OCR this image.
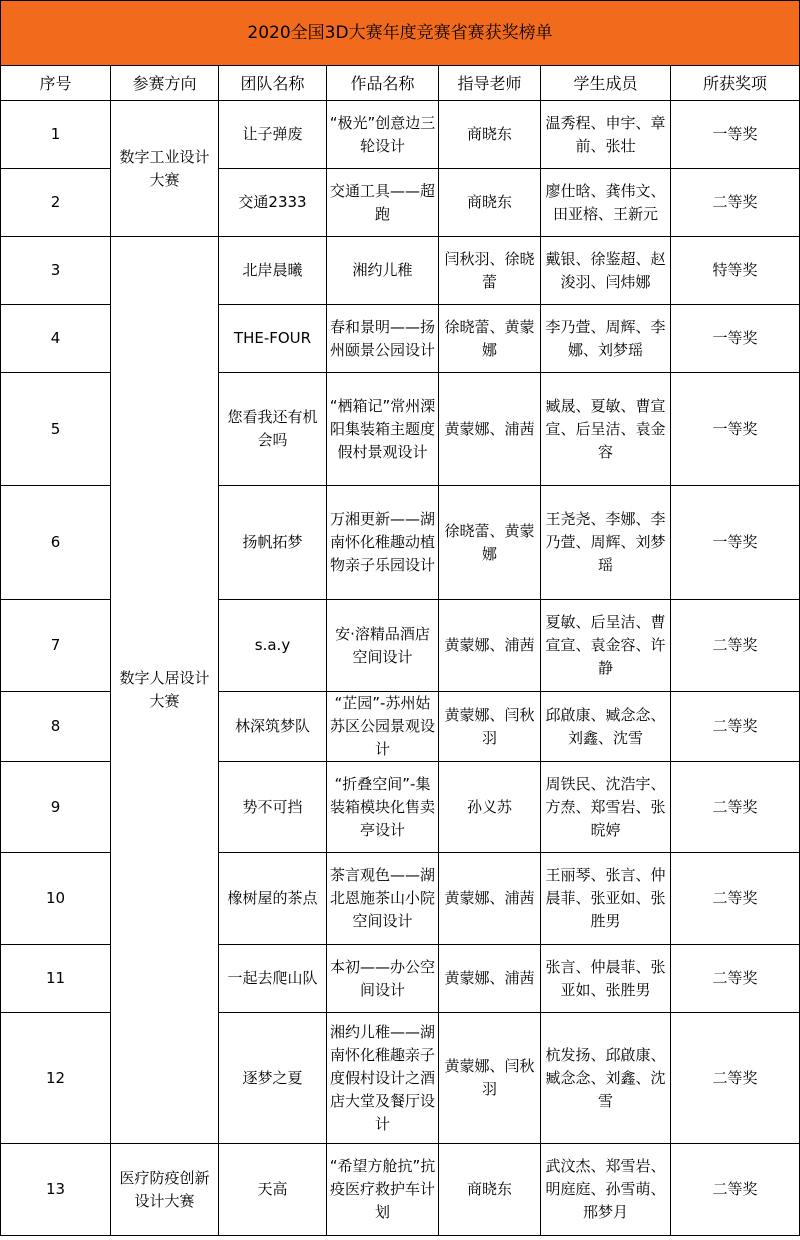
2020全国3D大赛年度竞赛省赛获奖榜单						
序号	参赛方向	团队名称	作品名称	指导老师	学生成员	所获奖项
1	数字工业设计大赛	让子弹废	“极光”创意边三轮设计	商晓东	温秀程、申宇、章前、张壮	一等奖
2		交通2333	交通工具——超跑	商晓东	廖仕晗、龚伟文、田亚榕、王新元	二等奖
3	数字人居设计大赛	北岸晨曦	湘约儿稚	闫秋羽、徐晓蕾	戴银、徐鉴超、赵浚羽、闫炜娜	特等奖
4		THE-FOUR	春和景明——扬州颐景公园设计	徐晓蕾、黄蒙娜	李乃萱、周辉、李娜、刘梦瑶	一等奖
5		您看我还有机会吗	“栖箱记”常州溧阳集装箱主题度假村景观设计	黄蒙娜、浦茜	臧晟、夏敏、曹宣宣、后呈洁、袁金容	一等奖
6		扬帆拓梦	万湘更新——湖南怀化稚趣动植物亲子乐园设计	徐晓蕾、黄蒙娜	王尧尧、李娜、李乃萱、周辉、刘梦瑶	一等奖
7		s.a.y	安·溶精品酒店空间设计	黄蒙娜、浦茜	夏敏、后呈洁、曹宣宣、袁金容、许静	二等奖
8		林深筑梦队	“芷园”-苏州姑苏区公园景观设计	黄蒙娜、闫秋羽	邱啟康、臧念念、刘鑫、沈雪	二等奖
9		势不可挡	“折叠空间”-集装箱模块化售卖亭设计	孙义苏	周铁民、沈浩宇、方焘、郑雪岩、张晥婷	二等奖
10		橡树屋的茶点	茶言观色——湖北恩施茶山小院空间设计	黄蒙娜、浦茜	王丽琴、张言、仲晨菲、张亚如、张胜男	二等奖
11		一起去爬山队	本初——办公空间设计	黄蒙娜、浦茜	张言、仲晨菲、张亚如、张胜男	二等奖
12		逐梦之夏	湘约儿稚——湖南怀化稚趣亲子度假村设计之酒店大堂及餐厅设计	黄蒙娜、闫秋羽	杭发扬、邱啟康、臧念念、刘鑫、沈雪	二等奖
13	医疗防疫创新设计大赛	天高	“希望方舱抗”抗疫医疗救护车计划	商晓东	武汶杰、郑雪岩、明庭庭、孙雪萌、邢梦月	二等奖
